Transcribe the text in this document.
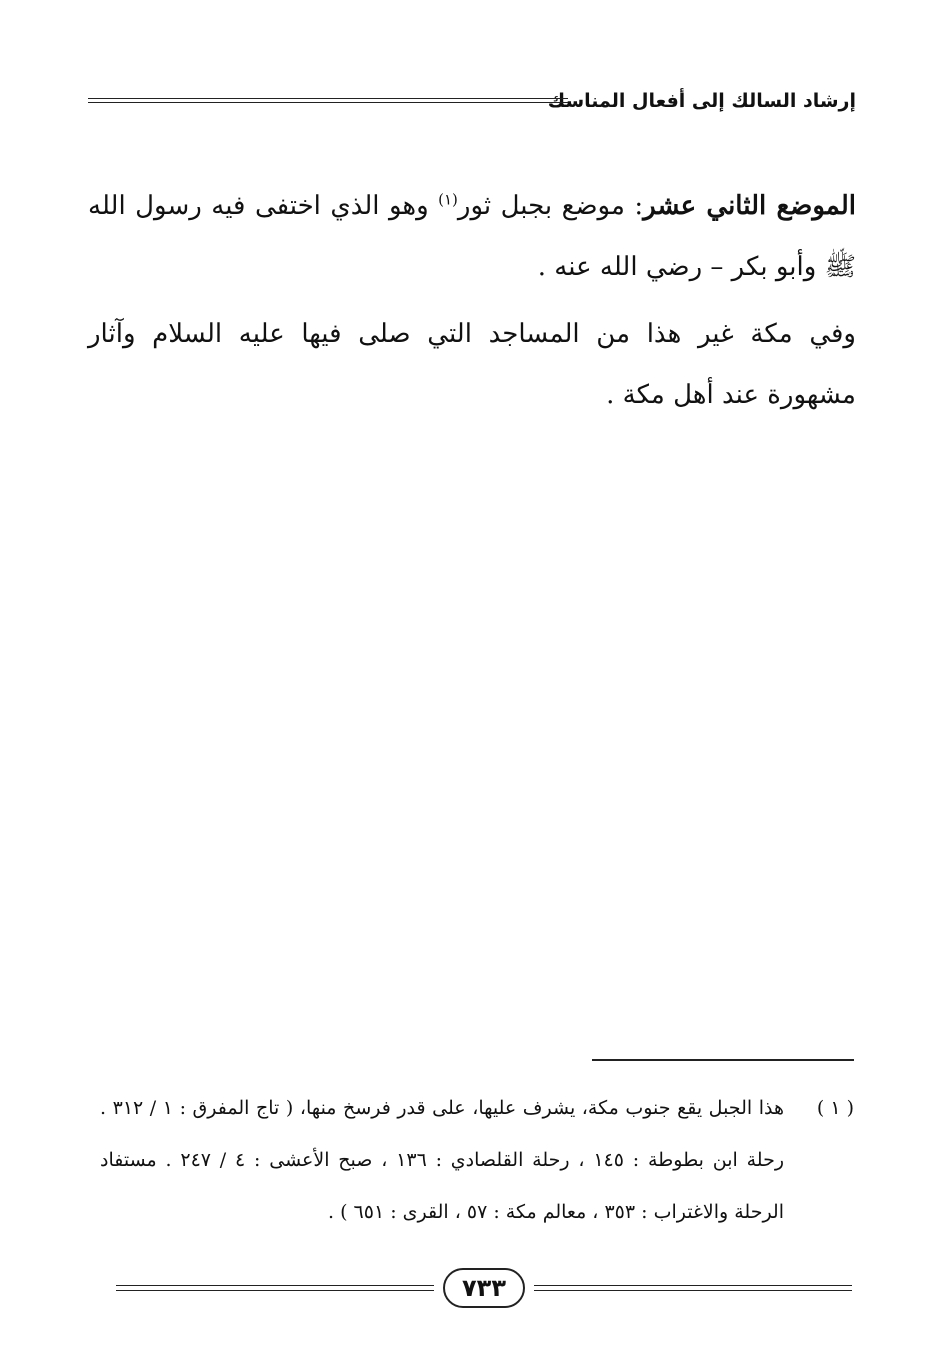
إرشاد السالك إلى أفعال المناسك

الموضع الثاني عشر: موضع بجبل ثور$^{(١)}$ وهو الذي اختفى فيه رسول الله ﷺ وأبو بكر – رضي الله عنه .

وفي مكة غير هذا من المساجد التي صلى فيها عليه السلام وآثار مشهورة عند أهل مكة .

( ١ )
هذا الجبل يقع جنوب مكة، يشرف عليها، على قدر فرسخ منها، ( تاج المفرق : ١ / ٣١٢ . رحلة ابن بطوطة : ١٤٥ ، رحلة القلصادي : ١٣٦ ، صبح الأعشى : ٤ / ٢٤٧ . مستفاد الرحلة والاغتراب : ٣٥٣ ، معالم مكة : ٥٧ ، القرى : ٦٥١ ) .
٧٣٣
